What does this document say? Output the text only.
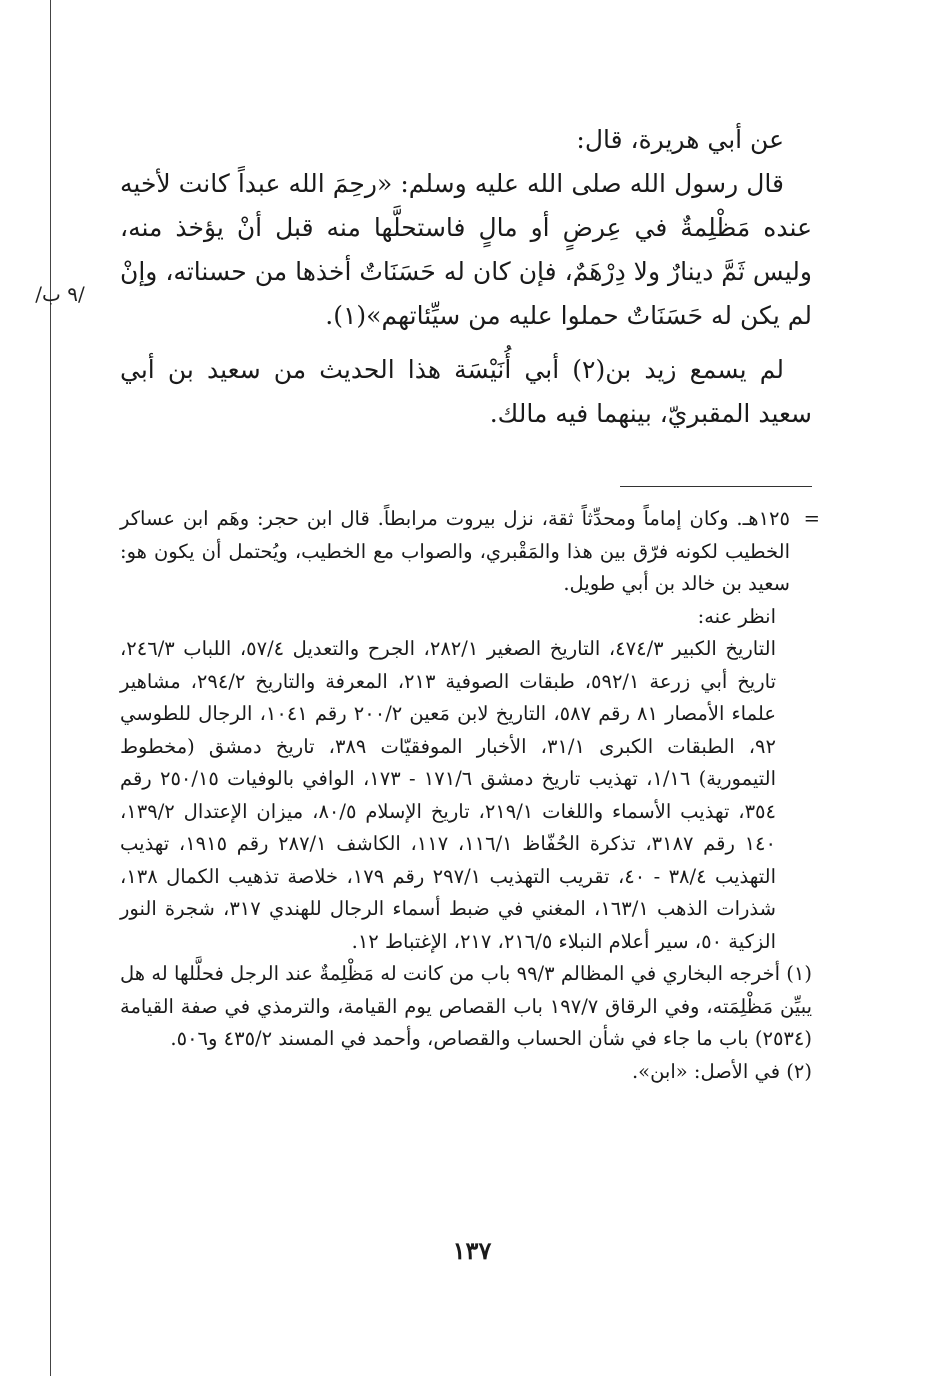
/٩ ب/

عن أبي هريرة، قال:

قال رسول الله صلى الله عليه وسلم: «رحِمَ الله عبداً كانت لأخيه عنده مَظْلِمةٌ في عِرضٍ أو مالٍ فاستحلَّها منه قبل أنْ يؤخذ منه، وليس ثَمَّ دينارٌ ولا دِرْهَمٌ، فإن كان له حَسَنَاتٌ أخذها من حسناته، وإنْ لم يكن له حَسَنَاتٌ حملوا عليه من سيِّئاتهم»(١).

لم يسمع زيد بن(٢) أبي أُنَيْسَة هذا الحديث من سعيد بن أبي سعيد المقبريّ، بينهما فيه مالك.

=
١٢٥هـ. وكان إماماً ومحدِّثاً ثقة، نزل بيروت مرابطاً. قال ابن حجر: وهَم ابن عساكر الخطيب لكونه فرّق بين هذا والمَقْبري، والصواب مع الخطيب، ويُحتمل أن يكون هو: سعيد بن خالد بن أبي طويل.

انظر عنه:

التاريخ الكبير ٤٧٤/٣، التاريخ الصغير ٢٨٢/١، الجرح والتعديل ٥٧/٤، اللباب ٢٤٦/٣، تاريخ أبي زرعة ٥٩٢/١، طبقات الصوفية ٢١٣، المعرفة والتاريخ ٢٩٤/٢، مشاهير علماء الأمصار ٨١ رقم ٥٨٧، التاريخ لابن مَعين ٢٠٠/٢ رقم ١٠٤١، الرجال للطوسي ٩٢، الطبقات الكبرى ٣١/١، الأخبار الموفقيّات ٣٨٩، تاريخ دمشق (مخطوط التيمورية) ١/١٦، تهذيب تاريخ دمشق ١٧١/٦ - ١٧٣، الوافي بالوفيات ٢٥٠/١٥ رقم ٣٥٤، تهذيب الأسماء واللغات ٢١٩/١، تاريخ الإسلام ٨٠/٥، ميزان الإعتدال ١٣٩/٢، ١٤٠ رقم ٣١٨٧، تذكرة الحُفّاظ ١١٦/١، ١١٧، الكاشف ٢٨٧/١ رقم ١٩١٥، تهذيب التهذيب ٣٨/٤ - ٤٠، تقريب التهذيب ٢٩٧/١ رقم ١٧٩، خلاصة تذهيب الكمال ١٣٨، شذرات الذهب ١٦٣/١، المغني في ضبط أسماء الرجال للهندي ٣١٧، شجرة النور الزكية ٥٠، سير أعلام النبلاء ٢١٦/٥، ٢١٧، الإغتباط ١٢.

(١) أخرجه البخاري في المظالم ٩٩/٣ باب من كانت له مَظْلِمةٌ عند الرجل فحلَّلها له هل يبيِّن مَظْلِمَته، وفي الرقاق ١٩٧/٧ باب القصاص يوم القيامة، والترمذي في صفة القيامة (٢٥٣٤) باب ما جاء في شأن الحساب والقصاص، وأحمد في المسند ٤٣٥/٢ و٥٠٦.

(٢) في الأصل: «ابن».

١٣٧
